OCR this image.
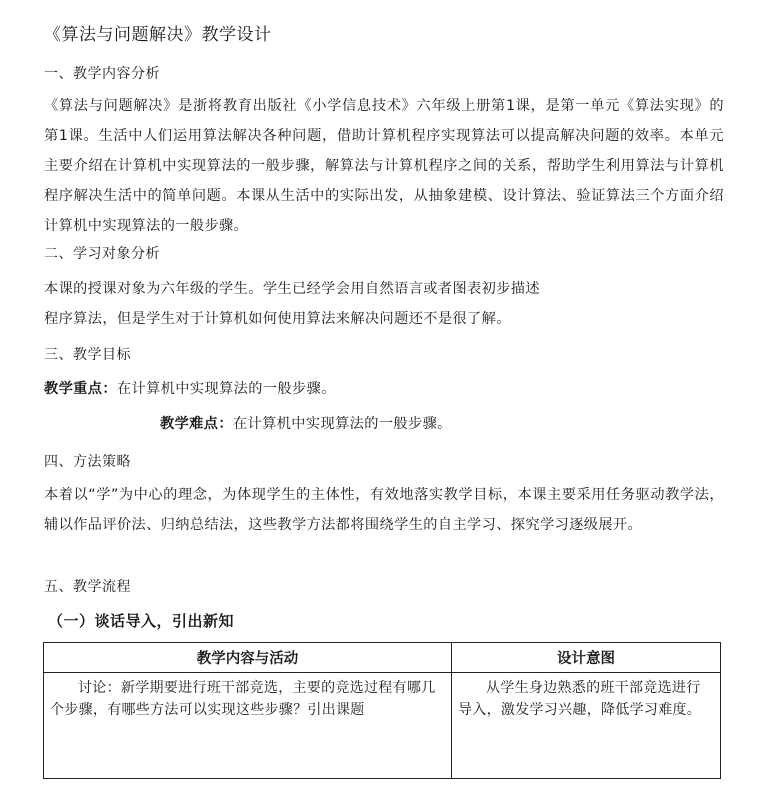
《算法与问题解决》教学设计
一、教学内容分析
《算法与问题解决》是浙将教育出版社《小学信息技术》六年级上册第1课，是第一单元《算法实现》的第1课。生活中人们运用算法解决各种问题，借助计算机程序实现算法可以提高解决问题的效率。本单元主要介绍在计算机中实现算法的一般步骤，解算法与计算机程序之间的关系，帮助学生利用算法与计算机程序解决生活中的简单问题。本课从生活中的实际出发，从抽象建模、设计算法、验证算法三个方面介绍计算机中实现算法的一般步骤。
二、学习对象分析
本课的授课对象为六年级的学生。学生已经学会用自然语言或者图表初步描述
程序算法，但是学生对于计算机如何使用算法来解决问题还不是很了解。
三、教学目标
教学重点：在计算机中实现算法的一般步骤。
教学难点：在计算机中实现算法的一般步骤。
四、方法策略
本着以“学”为中心的理念，为体现学生的主体性，有效地落实教学目标，本课主要采用任务驱动教学法，辅以作品评价法、归纳总结法，这些教学方法都将围绕学生的自主学习、探究学习逐级展开。
五、教学流程
（一）谈话导入，引出新知
教学内容与活动	设计意图
讨论：新学期要进行班干部竞选，主要的竞选过程有哪几个步骤，有哪些方法可以实现这些步骤？引出课题	从学生身边熟悉的班干部竞选进行导入，激发学习兴趣，降低学习难度。
